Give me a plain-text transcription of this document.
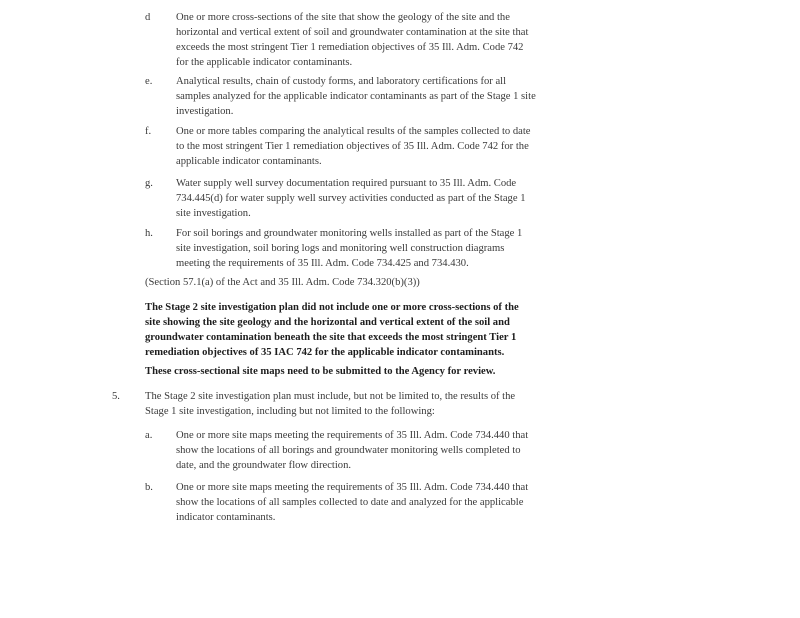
d One or more cross-sections of the site that show the geology of the site and the horizontal and vertical extent of soil and groundwater contamination at the site that exceeds the most stringent Tier 1 remediation objectives of 35 Ill. Adm. Code 742 for the applicable indicator contaminants.

e. Analytical results, chain of custody forms, and laboratory certifications for all samples analyzed for the applicable indicator contaminants as part of the Stage 1 site investigation.

f. One or more tables comparing the analytical results of the samples collected to date to the most stringent Tier 1 remediation objectives of 35 Ill. Adm. Code 742 for the applicable indicator contaminants.

g. Water supply well survey documentation required pursuant to 35 Ill. Adm. Code 734.445(d) for water supply well survey activities conducted as part of the Stage 1 site investigation.

h. For soil borings and groundwater monitoring wells installed as part of the Stage 1 site investigation, soil boring logs and monitoring well construction diagrams meeting the requirements of 35 Ill. Adm. Code 734.425 and 734.430.

(Section 57.1(a) of the Act and 35 Ill. Adm. Code 734.320(b)(3))

The Stage 2 site investigation plan did not include one or more cross-sections of the site showing the site geology and the horizontal and vertical extent of the soil and groundwater contamination beneath the site that exceeds the most stringent Tier 1 remediation objectives of 35 IAC 742 for the applicable indicator contaminants.

These cross-sectional site maps need to be submitted to the Agency for review.

5. The Stage 2 site investigation plan must include, but not be limited to, the results of the Stage 1 site investigation, including but not limited to the following:

a. One or more site maps meeting the requirements of 35 Ill. Adm. Code 734.440 that show the locations of all borings and groundwater monitoring wells completed to date, and the groundwater flow direction.

b. One or more site maps meeting the requirements of 35 Ill. Adm. Code 734.440 that show the locations of all samples collected to date and analyzed for the applicable indicator contaminants.
